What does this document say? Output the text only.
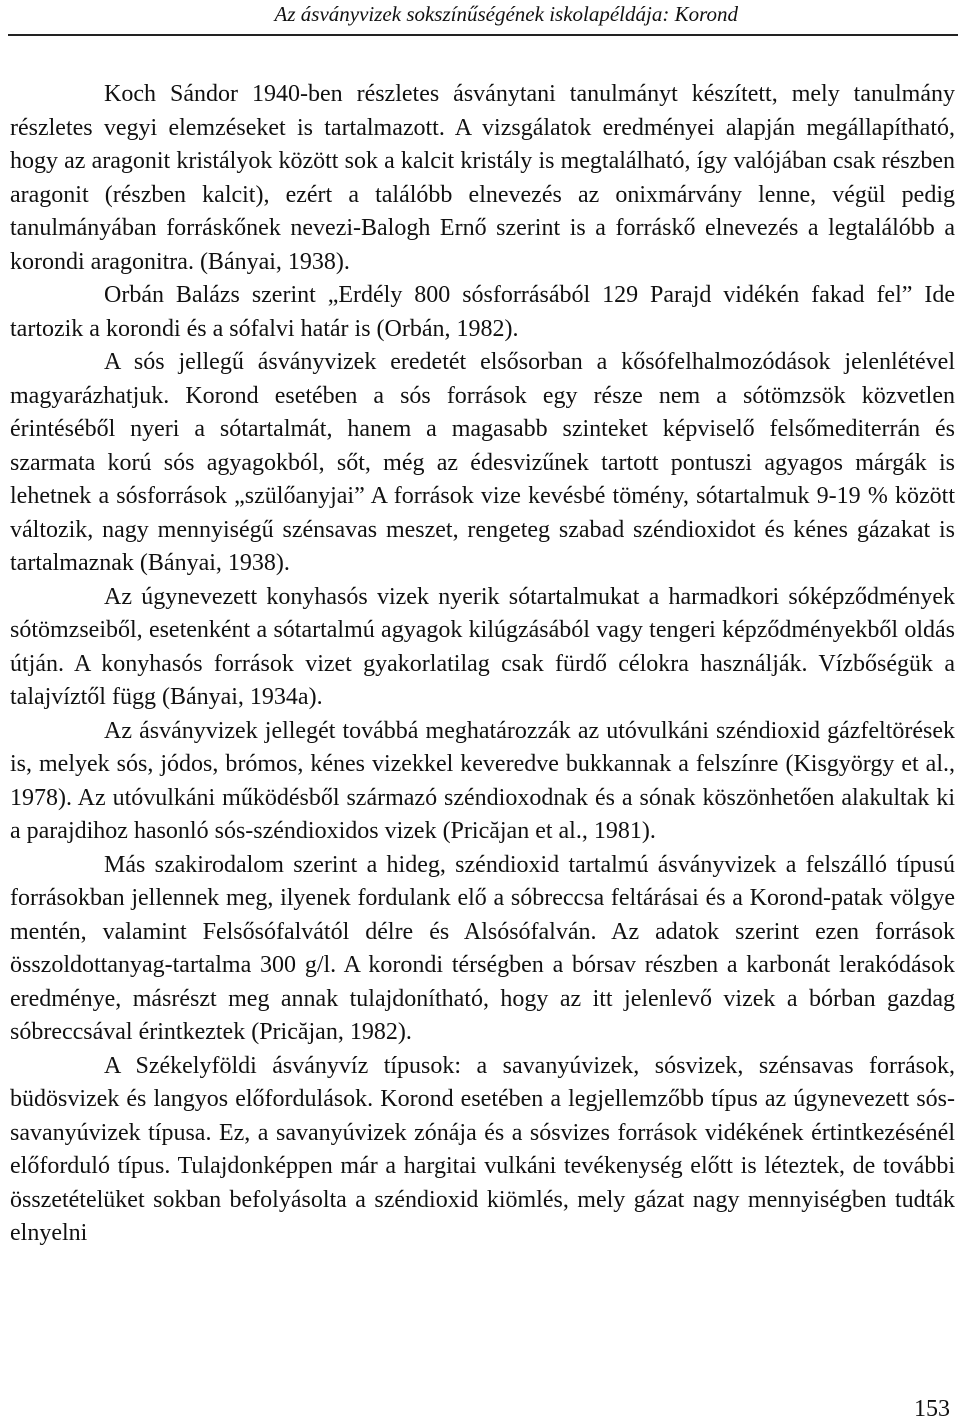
Az ásványvizek sokszínűségének iskolapéldája: Korond

Koch Sándor 1940-ben részletes ásványtani tanulmányt készített, mely tanulmány részletes vegyi elemzéseket is tartalmazott. A vizsgálatok eredményei alapján megállapítható, hogy az aragonit kristályok között sok a kalcit kristály is megtalálható, így valójában csak részben aragonit (részben kalcit), ezért a találóbb elnevezés az onixmárvány lenne, végül pedig tanulmányában forráskőnek nevezi-Balogh Ernő szerint is a forráskő elnevezés a legtalálóbb a korondi aragonitra. (Bányai, 1938).

Orbán Balázs szerint „Erdély 800 sósforrásából 129 Parajd vidékén fakad fel” Ide tartozik a korondi és a sófalvi határ is (Orbán, 1982).

A sós jellegű ásványvizek eredetét elsősorban a kősófelhalmozódások jelenlétével magyarázhatjuk. Korond esetében a sós források egy része nem a sótömzsök közvetlen érintéséből nyeri a sótartalmát, hanem a magasabb szinteket képviselő felsőmediterrán és szarmata korú sós agyagokból, sőt, még az édesvizűnek tartott pontuszi agyagos márgák is lehetnek a sósforrások „szülőanyjai” A források vize kevésbé tömény, sótartalmuk 9-19 % között változik, nagy mennyiségű szénsavas meszet, rengeteg szabad széndioxidot és kénes gázakat is tartalmaznak (Bányai, 1938).

Az úgynevezett konyhasós vizek nyerik sótartalmukat a harmadkori sóképződmények sótömzseiből, esetenként a sótartalmú agyagok kilúgzásából vagy tengeri képződményekből oldás útján. A konyhasós források vizet gyakorlatilag csak fürdő célokra használják. Vízbőségük a talajvíztől függ (Bányai, 1934a).

Az ásványvizek jellegét továbbá meghatározzák az utóvulkáni széndioxid gázfeltörések is, melyek sós, jódos, brómos, kénes vizekkel keveredve bukkannak a felszínre (Kisgyörgy et al., 1978). Az utóvulkáni működésből származó széndioxodnak és a sónak köszönhetően alakultak ki a parajdihoz hasonló sós-széndioxidos vizek (Pricăjan et al., 1981).

Más szakirodalom szerint a hideg, széndioxid tartalmú ásványvizek a felszálló típusú forrásokban jellennek meg, ilyenek fordulank elő a sóbreccsa feltárásai és a Korond-patak völgye mentén, valamint Felsősófalvától délre és Alsósófalván. Az adatok szerint ezen források összoldottanyag-tartalma 300 g/l. A korondi térségben a bórsav részben a karbonát lerakódások eredménye, másrészt meg annak tulajdonítható, hogy az itt jelenlevő vizek a bórban gazdag sóbreccsával érintkeztek (Pricăjan, 1982).

A Székelyföldi ásványvíz típusok: a savanyúvizek, sósvizek, szénsavas források, büdösvizek és langyos előfordulások. Korond esetében a legjellemzőbb típus az úgynevezett sós-savanyúvizek típusa. Ez, a savanyúvizek zónája és a sósvizes források vidékének értintkezésénél előforduló típus. Tulajdonképpen már a hargitai vulkáni tevékenység előtt is léteztek, de további összetételüket sokban befolyásolta a széndioxid kiömlés, mely gázat nagy mennyiségben tudták elnyelni

153
